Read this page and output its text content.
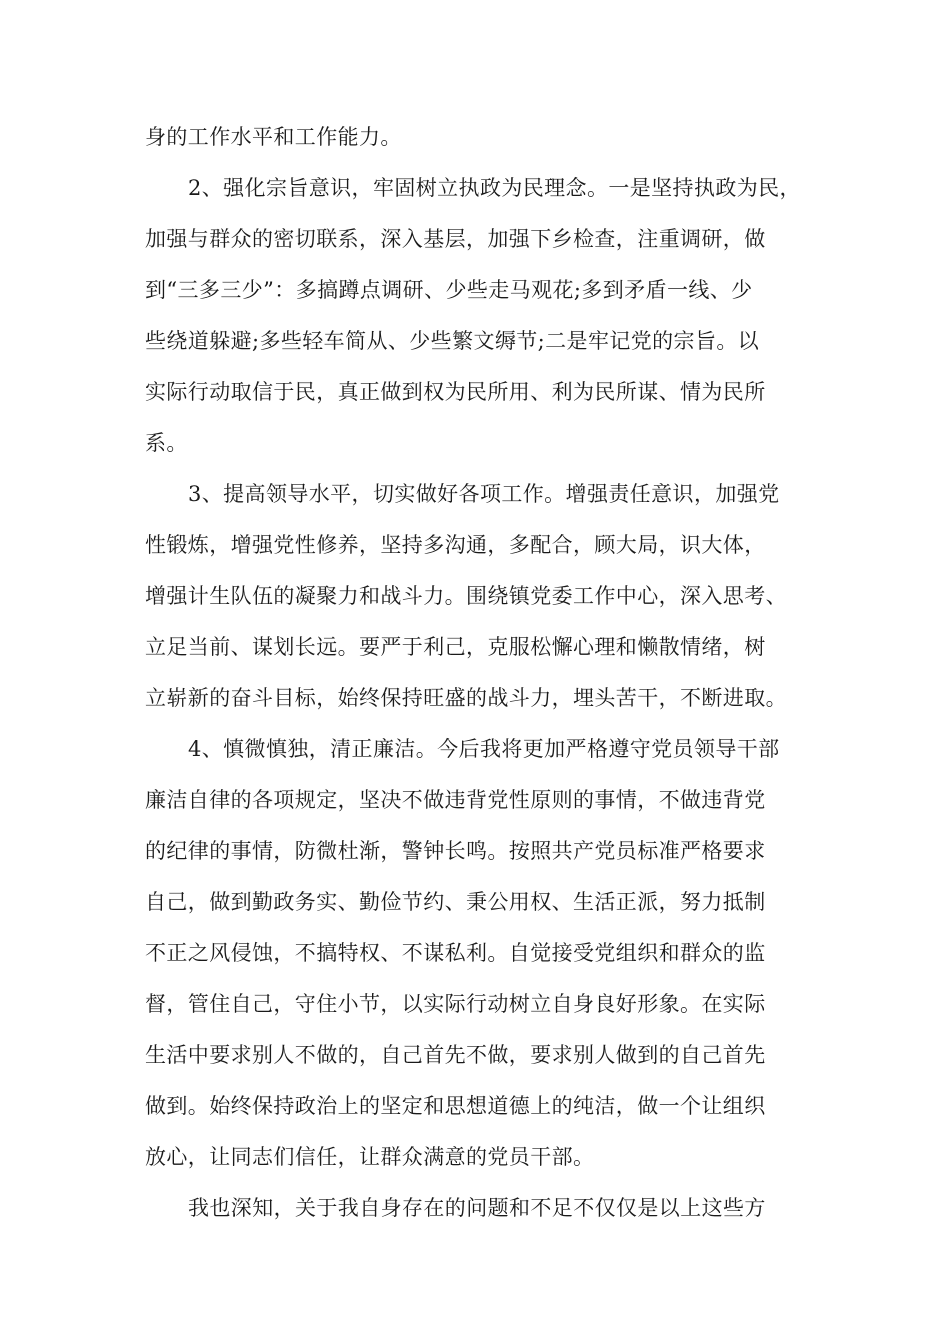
身的工作水平和工作能力。
2、强化宗旨意识，牢固树立执政为民理念。一是坚持执政为民，
加强与群众的密切联系，深入基层，加强下乡检查，注重调研，做
到“三多三少”：多搞蹲点调研、少些走马观花;多到矛盾一线、少
些绕道躲避;多些轻车简从、少些繁文缛节;二是牢记党的宗旨。以
实际行动取信于民，真正做到权为民所用、利为民所谋、情为民所
系。
3、提高领导水平，切实做好各项工作。增强责任意识，加强党
性锻炼，增强党性修养，坚持多沟通，多配合，顾大局，识大体，
增强计生队伍的凝聚力和战斗力。围绕镇党委工作中心，深入思考、
立足当前、谋划长远。要严于利己，克服松懈心理和懒散情绪，树
立崭新的奋斗目标，始终保持旺盛的战斗力，埋头苦干，不断进取。
4、慎微慎独，清正廉洁。今后我将更加严格遵守党员领导干部
廉洁自律的各项规定，坚决不做违背党性原则的事情，不做违背党
的纪律的事情，防微杜渐，警钟长鸣。按照共产党员标准严格要求
自己，做到勤政务实、勤俭节约、秉公用权、生活正派，努力抵制
不正之风侵蚀，不搞特权、不谋私利。自觉接受党组织和群众的监
督，管住自己，守住小节，以实际行动树立自身良好形象。在实际
生活中要求别人不做的，自己首先不做，要求别人做到的自己首先
做到。始终保持政治上的坚定和思想道德上的纯洁，做一个让组织
放心，让同志们信任，让群众满意的党员干部。
我也深知，关于我自身存在的问题和不足不仅仅是以上这些方
